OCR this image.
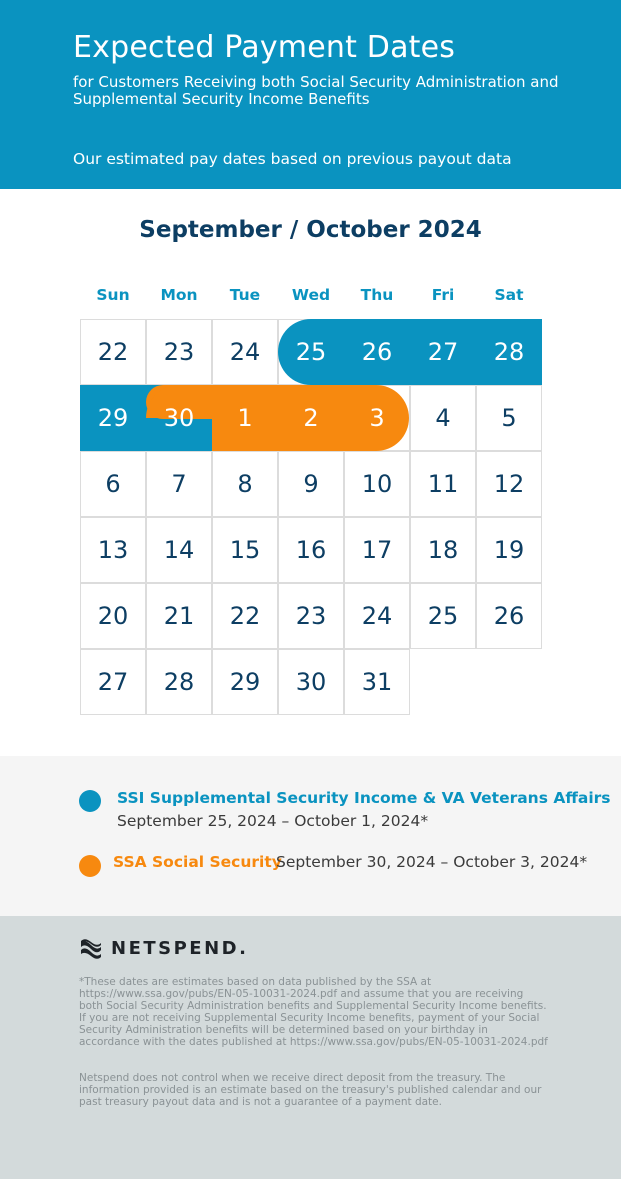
Expected Payment Dates
for Customers Receiving both Social Security Administration and Supplemental Security Income Benefits
Our estimated pay dates based on previous payout data
September / October 2024
22	23	24	25	26	27	28
29	30	1	2	3	4	5
6	7	8	9	10	11	12
13	14	15	16	17	18	19
20	21	22	23	24	25	26
27	28	29	30	31
SSI Supplemental Security Income & VA Veterans Affairs
September 25, 2024 – October 1, 2024*
SSA Social Security
September 30, 2024 – October 3, 2024*
NETSPEND.
*These dates are estimates based on data published by the SSA at https://www.ssa.gov/pubs/EN-05-10031-2024.pdf and assume that you are receiving both Social Security Administration benefits and Supplemental Security Income benefits. If you are not receiving Supplemental Security Income benefits, payment of your Social Security Administration benefits will be determined based on your birthday in accordance with the dates published at https://www.ssa.gov/pubs/EN-05-10031-2024.pdf
Netspend does not control when we receive direct deposit from the treasury. The information provided is an estimate based on the treasury's published calendar and our past treasury payout data and is not a guarantee of a payment date.
Sun	Mon	Tue	Wed	Thu	Fri	Sat
